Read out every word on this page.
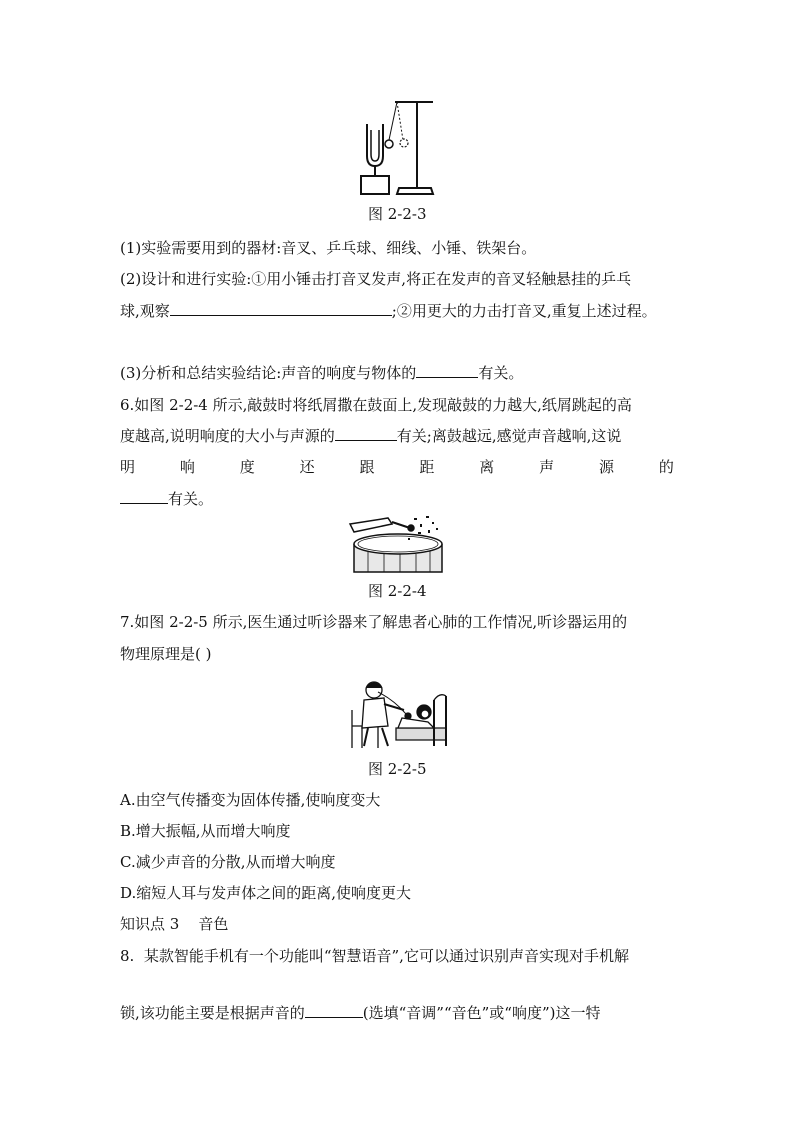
图 2-2-3
(1)实验需要用到的器材:音叉、乒乓球、细线、小锤、铁架台。
(2)设计和进行实验:①用小锤击打音叉发声,将正在发声的音叉轻触悬挂的乒乓
球,观察	;②用更大的力击打音叉,重复上述过程。
(3)分析和总结实验结论:声音的响度与物体的	有关。
6.如图 2-2-4 所示,敲鼓时将纸屑撒在鼓面上,发现敲鼓的力越大,纸屑跳起的高
度越高,说明响度的大小与声源的	有关;离鼓越远,感觉声音越响,这说
明	响	度	还	跟	距	离	声	源	的
有关。
图 2-2-4
7.如图 2-2-5 所示,医生通过听诊器来了解患者心肺的工作情况,听诊器运用的
物理原理是( )
图 2-2-5
A.由空气传播变为固体传播,使响度变大
B.增大振幅,从而增大响度
C.减少声音的分散,从而增大响度
D.缩短人耳与发声体之间的距离,使响度更大
知识点 3    音色
8.  某款智能手机有一个功能叫“智慧语音”,它可以通过识别声音实现对手机解
锁,该功能主要是根据声音的	(选填“音调”“音色”或“响度”)这一特
